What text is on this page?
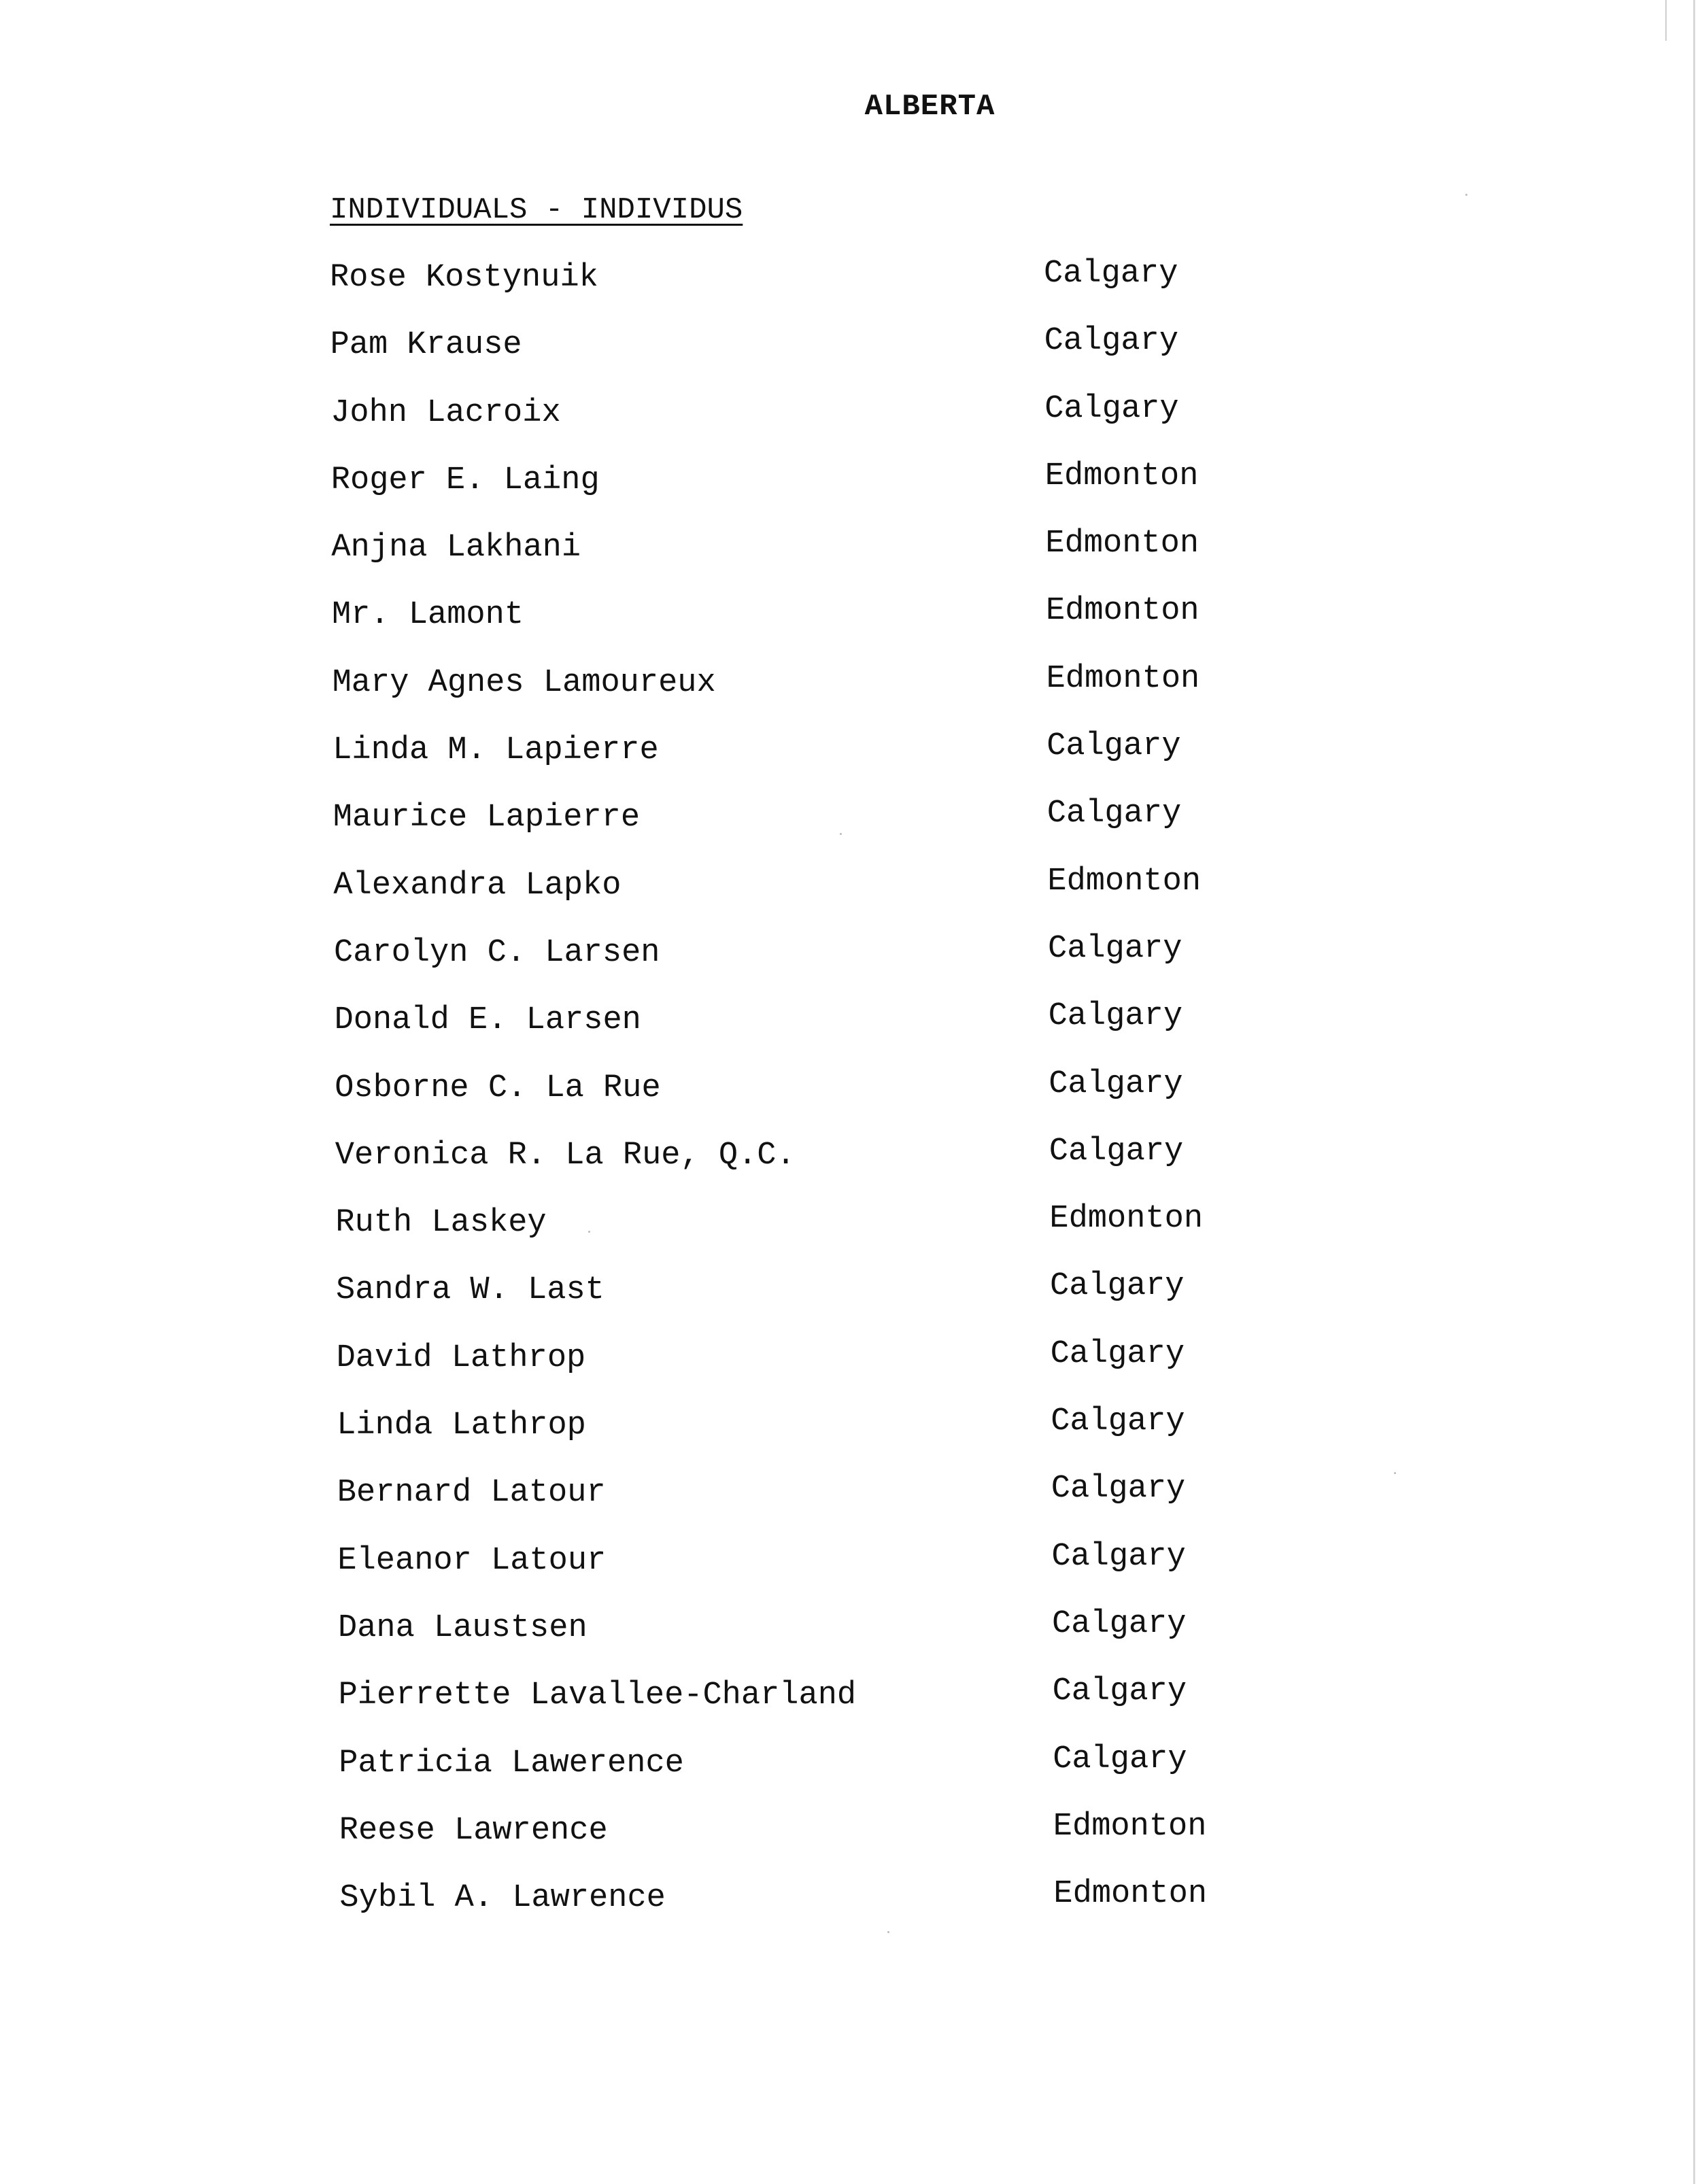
ALBERTA
INDIVIDUALS - INDIVIDUS
Rose Kostynuik	Calgary
Pam Krause	Calgary
John Lacroix	Calgary
Roger E. Laing	Edmonton
Anjna Lakhani	Edmonton
Mr. Lamont	Edmonton
Mary Agnes Lamoureux	Edmonton
Linda M. Lapierre	Calgary
Maurice Lapierre	Calgary
Alexandra Lapko	Edmonton
Carolyn C. Larsen	Calgary
Donald E. Larsen	Calgary
Osborne C. La Rue	Calgary
Veronica R. La Rue, Q.C.	Calgary
Ruth Laskey	Edmonton
Sandra W. Last	Calgary
David Lathrop	Calgary
Linda Lathrop	Calgary
Bernard Latour	Calgary
Eleanor Latour	Calgary
Dana Laustsen	Calgary
Pierrette Lavallee-Charland	Calgary
Patricia Lawerence	Calgary
Reese Lawrence	Edmonton
Sybil A. Lawrence	Edmonton
